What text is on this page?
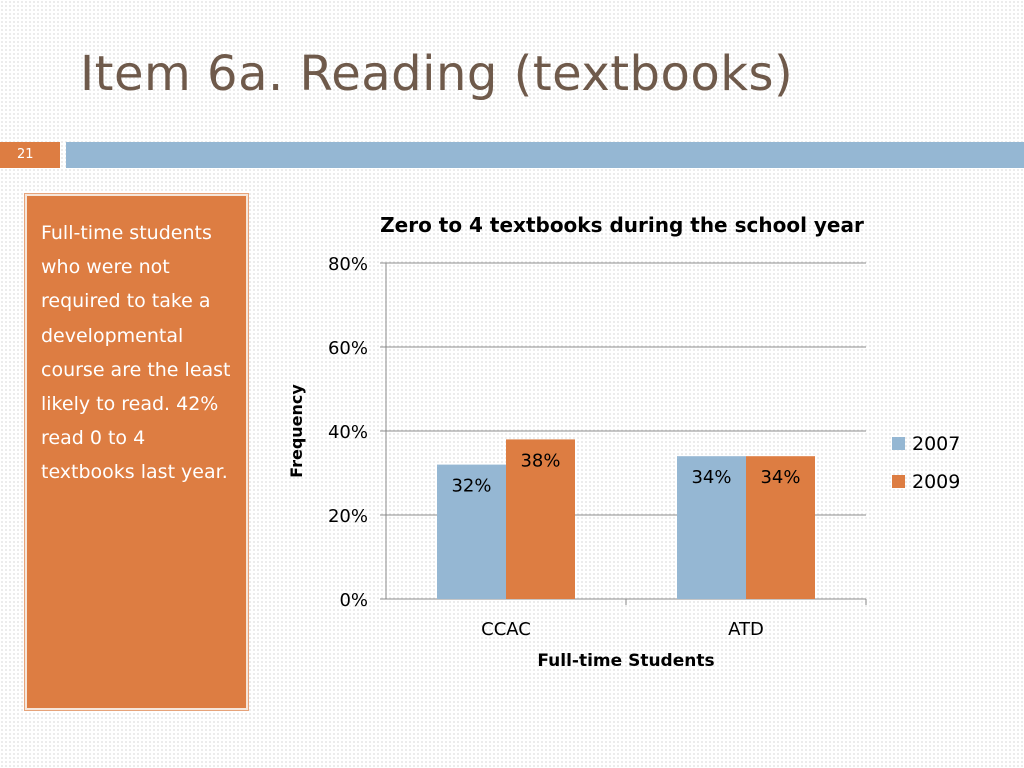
Item 6a. Reading (textbooks)
21

Full-time students who were not required to take a developmental course are the least likely to read. 42% read 0 to 4 textbooks last year.

Zero to 4 textbooks during the school year
Frequency
Full-time Students
0%
20%
40%
60%
80%
CCAC
32%
38%
ATD
34% 34%
2007
2009
